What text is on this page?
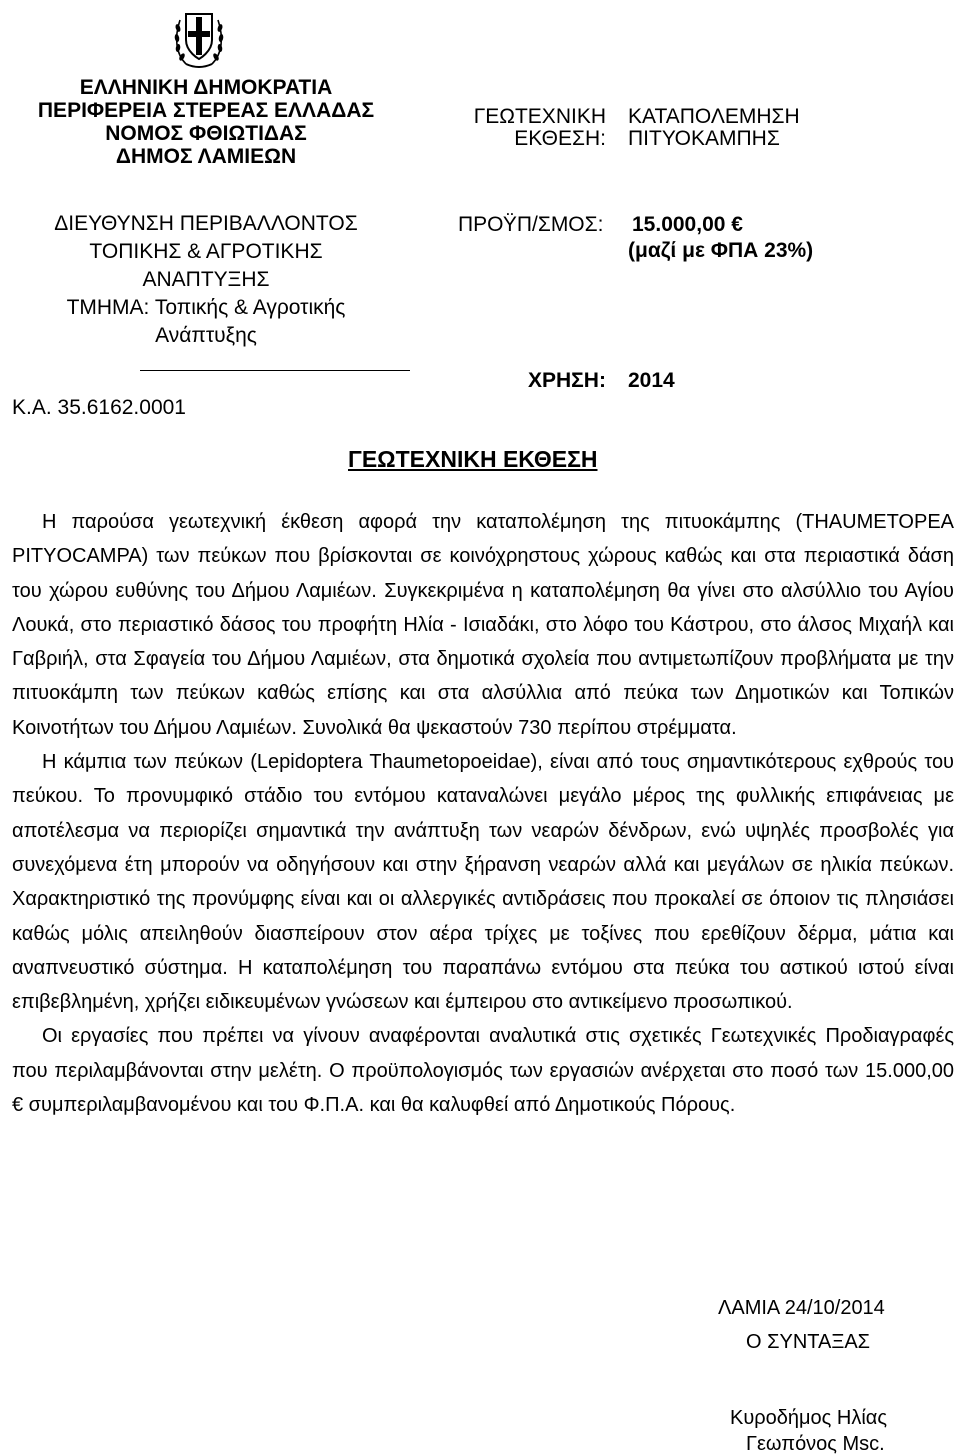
ΕΛΛΗΝΙΚΗ ΔΗΜΟΚΡΑΤΙΑ
ΠΕΡΙΦΕΡΕΙΑ ΣΤΕΡΕΑΣ ΕΛΛΑΔΑΣ
ΝΟΜΟΣ ΦΘΙΩΤΙΔΑΣ
ΔΗΜΟΣ ΛΑΜΙΕΩΝ
ΔΙΕΥΘΥΝΣΗ ΠΕΡΙΒΑΛΛΟΝΤΟΣ
ΤΟΠΙΚΗΣ & ΑΓΡΟΤΙΚΗΣ
ΑΝΑΠΤΥΞΗΣ
ΤΜΗΜΑ: Τοπικής & Αγροτικής
Ανάπτυξης
Κ.Α. 35.6162.0001
ΓΕΩΤΕΧΝΙΚΗ
ΕΚΘΕΣΗ:
ΚΑΤΑΠΟΛΕΜΗΣΗ
ΠΙΤΥΟΚΑΜΠΗΣ
ΠΡΟΫΠ/ΣΜΟΣ: 15.000,00 €
(μαζί με ΦΠΑ 23%)
ΧΡΗΣΗ: 2014
ΓΕΩΤΕΧΝΙΚΗ ΕΚΘΕΣΗ

Η παρούσα γεωτεχνική έκθεση αφορά την καταπολέμηση της πιτυοκάμπης (THAUMETOPEA PITYOCAMPA) των πεύκων που βρίσκονται σε κοινόχρηστους χώρους καθώς και στα περιαστικά δάση του χώρου ευθύνης του Δήμου Λαμιέων. Συγκεκριμένα η καταπολέμηση θα γίνει στο αλσύλλιο του Αγίου Λουκά, στο περιαστικό δάσος του προφήτη Ηλία - Ισιαδάκι, στο λόφο του Κάστρου, στο άλσος Μιχαήλ και Γαβριήλ, στα Σφαγεία του Δήμου Λαμιέων, στα δημοτικά σχολεία που αντιμετωπίζουν προβλήματα με την πιτυοκάμπη των πεύκων καθώς επίσης και στα αλσύλλια από πεύκα των Δημοτικών και Τοπικών Κοινοτήτων του Δήμου Λαμιέων. Συνολικά θα ψεκαστούν 730 περίπου στρέμματα.

Η κάμπια των πεύκων (Lepidoptera Thaumetopoeidae), είναι από τους σημαντικότερους εχθρούς του πεύκου. Το προνυμφικό στάδιο του εντόμου καταναλώνει μεγάλο μέρος της φυλλικής επιφάνειας με αποτέλεσμα να περιορίζει σημαντικά την ανάπτυξη των νεαρών δένδρων, ενώ υψηλές προσβολές για συνεχόμενα έτη μπορούν να οδηγήσουν και στην ξήρανση νεαρών αλλά και μεγάλων σε ηλικία πεύκων. Χαρακτηριστικό της προνύμφης είναι και οι αλλεργικές αντιδράσεις που προκαλεί σε όποιον τις πλησιάσει καθώς μόλις απειληθούν διασπείρουν στον αέρα τρίχες με τοξίνες που ερεθίζουν δέρμα, μάτια και αναπνευστικό σύστημα. Η καταπολέμηση του παραπάνω εντόμου στα πεύκα του αστικού ιστού είναι επιβεβλημένη, χρήζει ειδικευμένων γνώσεων και έμπειρου στο αντικείμενο προσωπικού.

Οι εργασίες που πρέπει να γίνουν αναφέρονται αναλυτικά στις σχετικές Γεωτεχνικές Προδιαγραφές που περιλαμβάνονται στην μελέτη. Ο προϋπολογισμός των εργασιών ανέρχεται στο ποσό των 15.000,00 € συμπεριλαμβανομένου και του Φ.Π.Α. και θα καλυφθεί από Δημοτικούς Πόρους.

ΛΑΜΙΑ 24/10/2014
Ο ΣΥΝΤΑΞΑΣ
Κυροδήμος Ηλίας
Γεωπόνος Msc.
